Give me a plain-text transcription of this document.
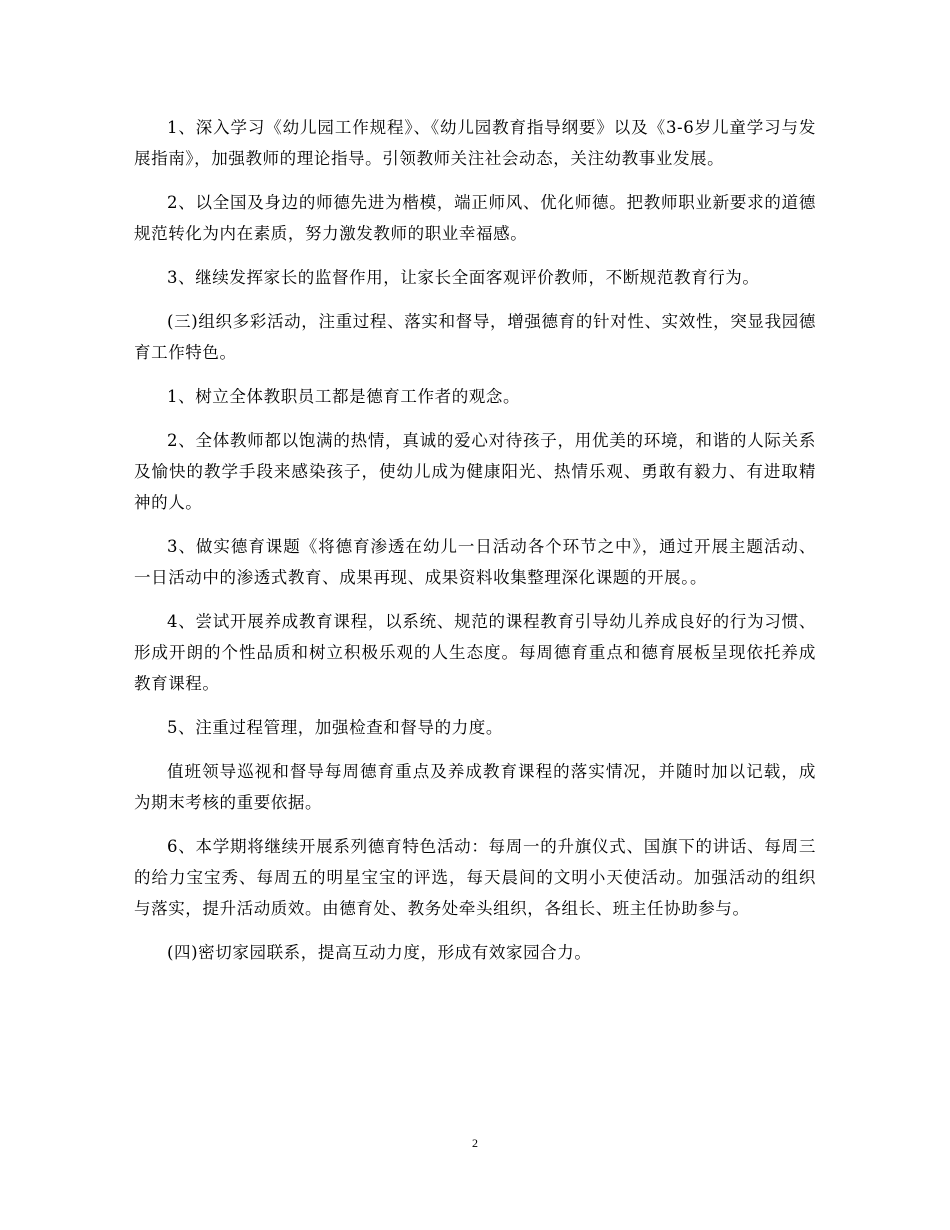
1、深入学习《幼儿园工作规程》、《幼儿园教育指导纲要》以及《3-6岁儿童学习与发展指南》，加强教师的理论指导。引领教师关注社会动态，关注幼教事业发展。

2、以全国及身边的师德先进为楷模，端正师风、优化师德。把教师职业新要求的道德规范转化为内在素质，努力激发教师的职业幸福感。

3、继续发挥家长的监督作用，让家长全面客观评价教师，不断规范教育行为。

(三)组织多彩活动，注重过程、落实和督导，增强德育的针对性、实效性，突显我园德育工作特色。

1、树立全体教职员工都是德育工作者的观念。

2、全体教师都以饱满的热情，真诚的爱心对待孩子，用优美的环境，和谐的人际关系及愉快的教学手段来感染孩子，使幼儿成为健康阳光、热情乐观、勇敢有毅力、有进取精神的人。

3、做实德育课题《将德育渗透在幼儿一日活动各个环节之中》，通过开展主题活动、一日活动中的渗透式教育、成果再现、成果资料收集整理深化课题的开展。。

4、尝试开展养成教育课程，以系统、规范的课程教育引导幼儿养成良好的行为习惯、形成开朗的个性品质和树立积极乐观的人生态度。每周德育重点和德育展板呈现依托养成教育课程。

5、注重过程管理，加强检查和督导的力度。

值班领导巡视和督导每周德育重点及养成教育课程的落实情况，并随时加以记载，成为期末考核的重要依据。

6、本学期将继续开展系列德育特色活动：每周一的升旗仪式、国旗下的讲话、每周三的给力宝宝秀、每周五的明星宝宝的评选，每天晨间的文明小天使活动。加强活动的组织与落实，提升活动质效。由德育处、教务处牵头组织，各组长、班主任协助参与。

(四)密切家园联系，提高互动力度，形成有效家园合力。

2
